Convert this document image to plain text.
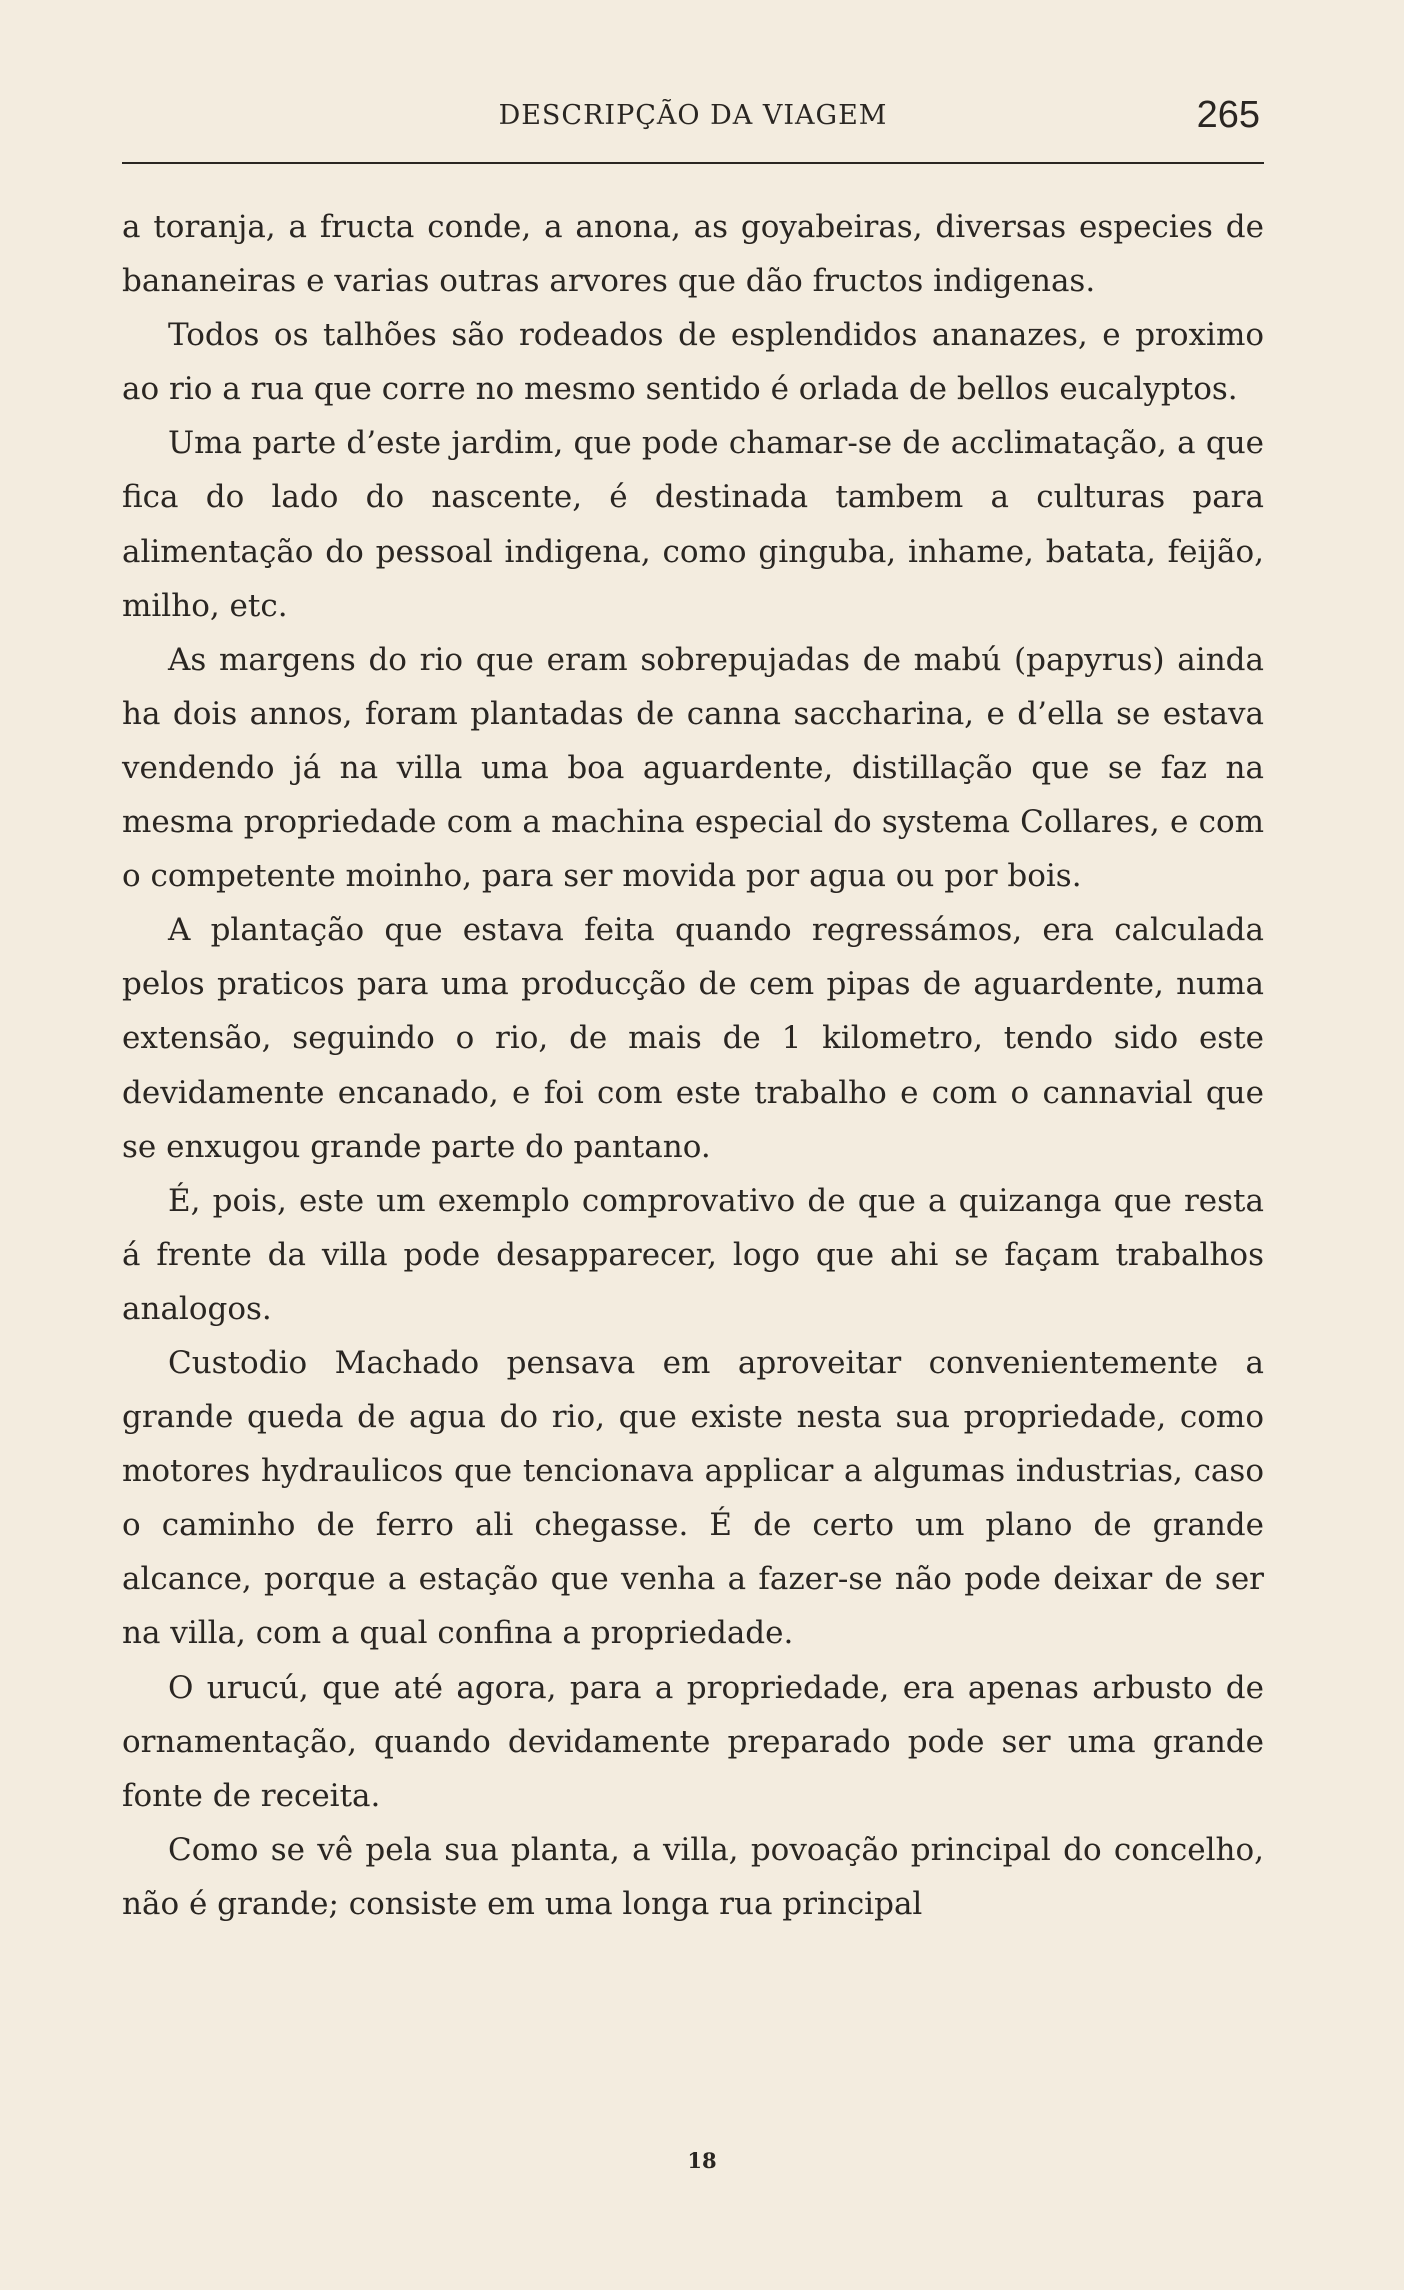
DESCRIPÇÃO DA VIAGEM	265

a toranja, a fructa conde, a anona, as goyabeiras, diversas especies de bananeiras e varias outras arvores que dão fructos indigenas.

Todos os talhões são rodeados de esplendidos ananazes, e proximo ao rio a rua que corre no mesmo sentido é orlada de bellos eucalyptos.

Uma parte d’este jardim, que pode chamar-se de acclimatação, a que fica do lado do nascente, é destinada tambem a culturas para alimentação do pessoal indigena, como ginguba, inhame, batata, feijão, milho, etc.

As margens do rio que eram sobrepujadas de mabú (papyrus) ainda ha dois annos, foram plantadas de canna saccharina, e d’ella se estava vendendo já na villa uma boa aguardente, distillação que se faz na mesma propriedade com a machina especial do systema Collares, e com o competente moinho, para ser movida por agua ou por bois.

A plantação que estava feita quando regressámos, era calculada pelos praticos para uma producção de cem pipas de aguardente, numa extensão, seguindo o rio, de mais de 1 kilometro, tendo sido este devidamente encanado, e foi com este trabalho e com o cannavial que se enxugou grande parte do pantano.

É, pois, este um exemplo comprovativo de que a quizanga que resta á frente da villa pode desapparecer, logo que ahi se façam trabalhos analogos.

Custodio Machado pensava em aproveitar convenientemente a grande queda de agua do rio, que existe nesta sua propriedade, como motores hydraulicos que tencionava applicar a algumas industrias, caso o caminho de ferro ali chegasse. É de certo um plano de grande alcance, porque a estação que venha a fazer-se não pode deixar de ser na villa, com a qual confina a propriedade.

O urucú, que até agora, para a propriedade, era apenas arbusto de ornamentação, quando devidamente preparado pode ser uma grande fonte de receita.

Como se vê pela sua planta, a villa, povoação principal do concelho, não é grande; consiste em uma longa rua principal

18
